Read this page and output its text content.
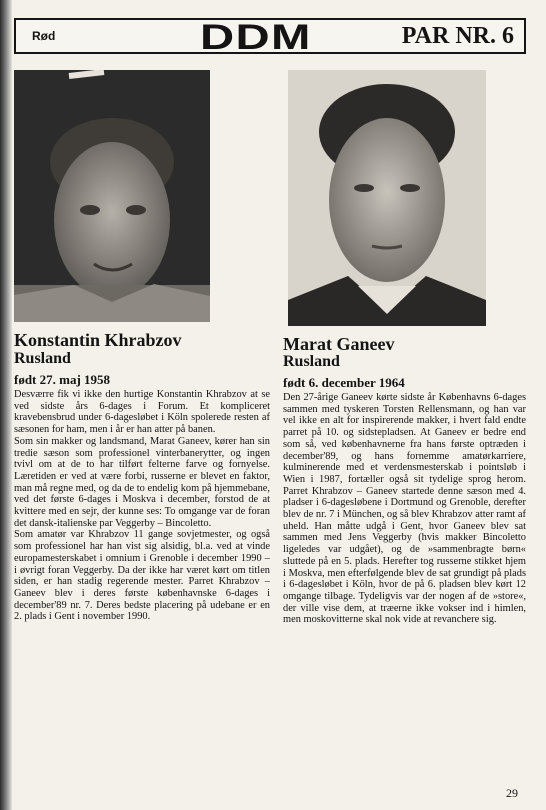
Rød	DDM	PAR NR. 6
Konstantin Khrabzov
Rusland
født 27. maj 1958

Desværre fik vi ikke den hurtige Konstantin Khrabzov at se ved sidste års 6-dages i Forum. Et kompliceret kravebensbrud under 6-dagesløbet i Köln spolerede resten af sæsonen for ham, men i år er han atter på banen.

Som sin makker og landsmand, Marat Ganeev, kører han sin tredie sæson som professionel vinterbanerytter, og ingen tvivl om at de to har tilført felterne farve og fornyelse. Læretiden er ved at være forbi, russerne er blevet en faktor, man må regne med, og da de to endelig kom på hjemmebane, ved det første 6-dages i Moskva i december, forstod de at kvittere med en sejr, der kunne ses: To omgange var de foran det dansk-italienske par Veggerby – Bincoletto.

Som amatør var Khrabzov 11 gange sovjetmester, og også som professionel har han vist sig alsidig, bl.a. ved at vinde europamesterskabet i omnium i Grenoble i december 1990 – i øvrigt foran Veggerby. Da der ikke har været kørt om titlen siden, er han stadig regerende mester. Parret Khrabzov – Ganeev blev i deres første københavnske 6-dages i december'89 nr. 7. Deres bedste placering på udebane er en 2. plads i Gent i november 1990.

Marat Ganeev
Rusland
født 6. december 1964

Den 27-årige Ganeev kørte sidste år Københavns 6-dages sammen med tyskeren Torsten Rellensmann, og han var vel ikke en alt for inspirerende makker, i hvert fald endte parret på 10. og sidstepladsen. At Ganeev er bedre end som så, ved københavnerne fra hans første optræden i december'89, og hans fornemme amatørkarriere, kulminerende med et verdensmesterskab i pointsløb i Wien i 1987, fortæller også sit tydelige sprog herom. Parret Khrabzov – Ganeev startede denne sæson med 4. pladser i 6-dagesløbene i Dortmund og Grenoble, derefter blev de nr. 7 i München, og så blev Khrabzov atter ramt af uheld. Han måtte udgå i Gent, hvor Ganeev blev sat sammen med Jens Veggerby (hvis makker Bincoletto ligeledes var udgået), og de »sammenbragte børn« sluttede på en 5. plads. Herefter tog russerne stikket hjem i Moskva, men efterfølgende blev de sat grundigt på plads i 6-dagesløbet i Köln, hvor de på 6. pladsen blev kørt 12 omgange tilbage. Tydeligvis var der nogen af de »store«, der ville vise dem, at træerne ikke vokser ind i himlen, men moskovitterne skal nok vide at revanchere sig.

29
